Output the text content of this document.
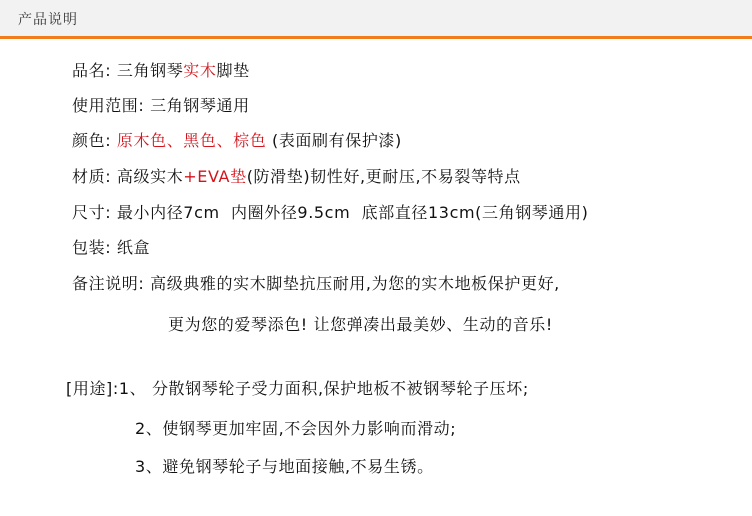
产品说明
品名: 三角钢琴实木脚垫
使用范围: 三角钢琴通用
颜色: 原木色、黑色、棕色 (表面刷有保护漆)
材质: 高级实木+EVA垫(防滑垫)韧性好,更耐压,不易裂等特点
尺寸: 最小内径7cm  内圈外径9.5cm  底部直径13cm(三角钢琴通用)
包装: 纸盒
备注说明: 高级典雅的实木脚垫抗压耐用,为您的实木地板保护更好,
更为您的爱琴添色! 让您弹凑出最美妙、生动的音乐!
[用途]:1、 分散钢琴轮子受力面积,保护地板不被钢琴轮子压坏;
2、使钢琴更加牢固,不会因外力影响而滑动;
3、避免钢琴轮子与地面接触,不易生锈。
